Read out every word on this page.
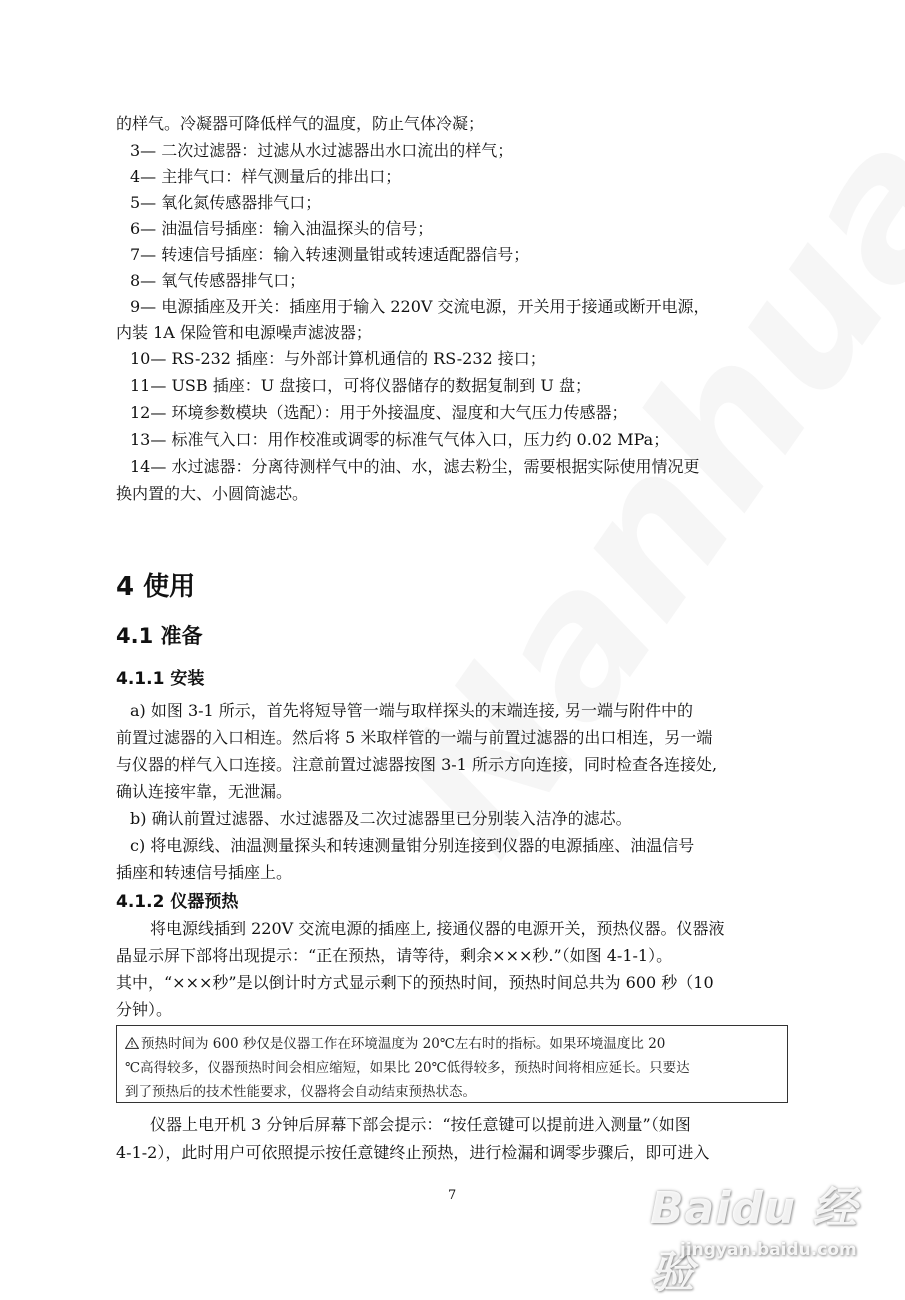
的样气。冷凝器可降低样气的温度，防止气体冷凝；
3— 二次过滤器：过滤从水过滤器出水口流出的样气；
4— 主排气口：样气测量后的排出口；
5— 氧化氮传感器排气口；
6— 油温信号插座：输入油温探头的信号；
7— 转速信号插座：输入转速测量钳或转速适配器信号；
8— 氧气传感器排气口；
9— 电源插座及开关：插座用于输入 220V 交流电源，开关用于接通或断开电源，
内装 1A 保险管和电源噪声滤波器；
10— RS-232 插座：与外部计算机通信的 RS-232 接口；
11— USB 插座：U 盘接口，可将仪器储存的数据复制到 U 盘；
12— 环境参数模块（选配）：用于外接温度、湿度和大气压力传感器；
13— 标准气入口：用作校准或调零的标准气气体入口，压力约 0.02 MPa；
14— 水过滤器：分离待测样气中的油、水，滤去粉尘，需要根据实际使用情况更
换内置的大、小圆筒滤芯。
4 使用
4.1 准备
4.1.1 安装
a) 如图 3-1 所示，首先将短导管一端与取样探头的末端连接, 另一端与附件中的
前置过滤器的入口相连。然后将 5 米取样管的一端与前置过滤器的出口相连，另一端
与仪器的样气入口连接。注意前置过滤器按图 3-1 所示方向连接，同时检查各连接处,
确认连接牢靠，无泄漏。
b) 确认前置过滤器、水过滤器及二次过滤器里已分别装入洁净的滤芯。
c) 将电源线、油温测量探头和转速测量钳分别连接到仪器的电源插座、油温信号
插座和转速信号插座上。
4.1.2 仪器预热
将电源线插到 220V 交流电源的插座上, 接通仪器的电源开关，预热仪器。仪器液
晶显示屏下部将出现提示：“正在预热，请等待，剩余×××秒.”（如图 4-1-1）。
其中，“×××秒”是以倒计时方式显示剩下的预热时间，预热时间总共为 600 秒（10
分钟）。
预热时间为 600 秒仅是仪器工作在环境温度为 20℃左右时的指标。如果环境温度比 20
℃高得较多，仪器预热时间会相应缩短，如果比 20℃低得较多，预热时间将相应延长。只要达
到了预热后的技术性能要求，仪器将会自动结束预热状态。
仪器上电开机 3 分钟后屏幕下部会提示：“按任意键可以提前进入测量”（如图
4-1-2），此时用户可依照提示按任意键终止预热，进行检漏和调零步骤后，即可进入
7	Baidu 经验
jingyan.baidu.com
